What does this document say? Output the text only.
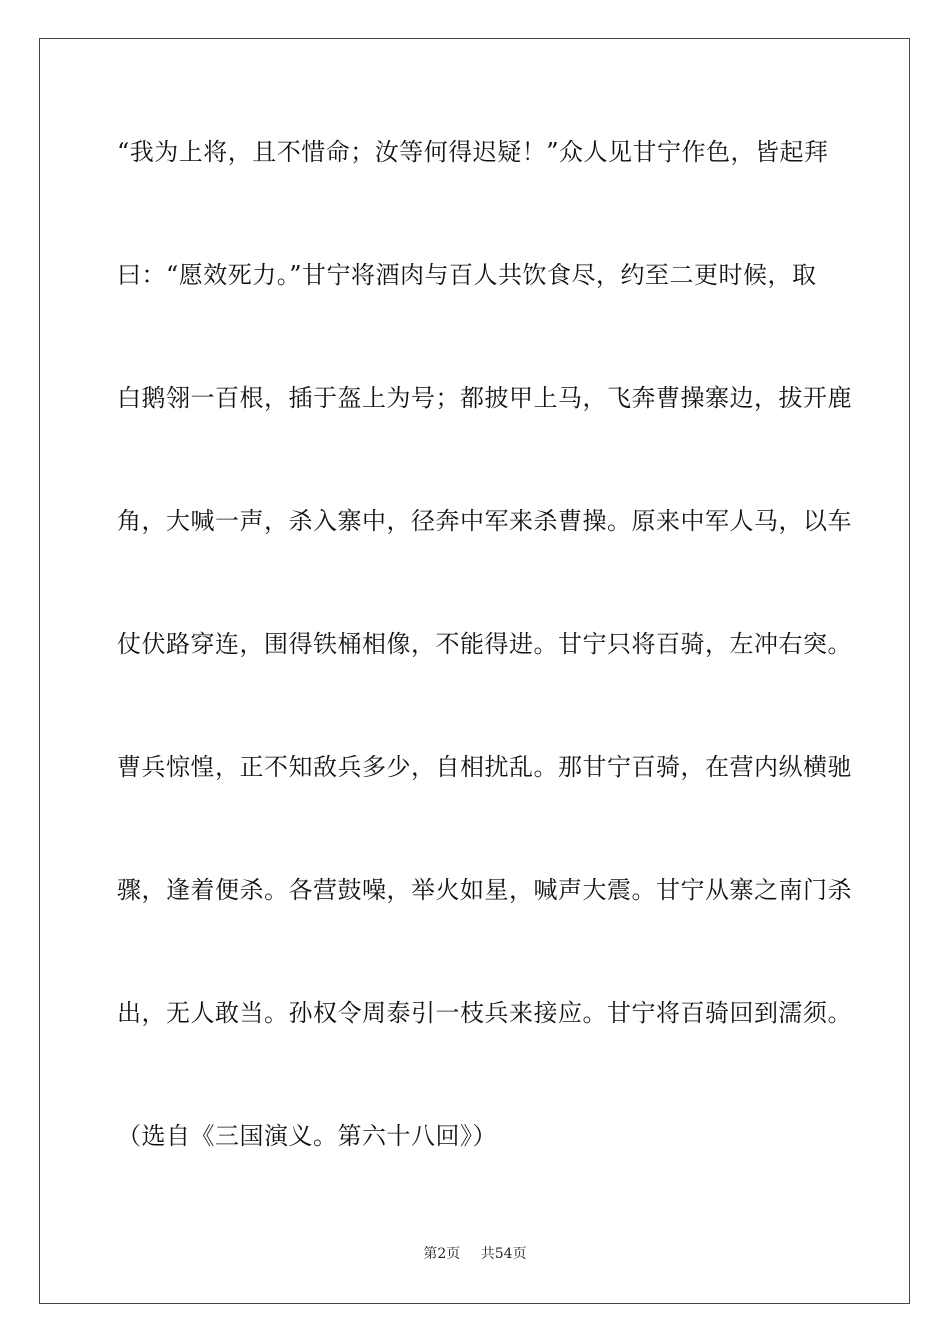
“我为上将，且不惜命；汝等何得迟疑！”众人见甘宁作色，皆起拜
曰：“愿效死力。”甘宁将酒肉与百人共饮食尽，约至二更时候，取
白鹅翎一百根，插于盔上为号；都披甲上马，飞奔曹操寨边，拔开鹿
角，大喊一声，杀入寨中，径奔中军来杀曹操。原来中军人马，以车
仗伏路穿连，围得铁桶相像，不能得进。甘宁只将百骑，左冲右突。
曹兵惊惶，正不知敌兵多少，自相扰乱。那甘宁百骑，在营内纵横驰
骤，逢着便杀。各营鼓噪，举火如星，喊声大震。甘宁从寨之南门杀
出，无人敢当。孙权令周泰引一枝兵来接应。甘宁将百骑回到濡须。
（选自《三国演义。第六十八回》）
第2页 共54页
